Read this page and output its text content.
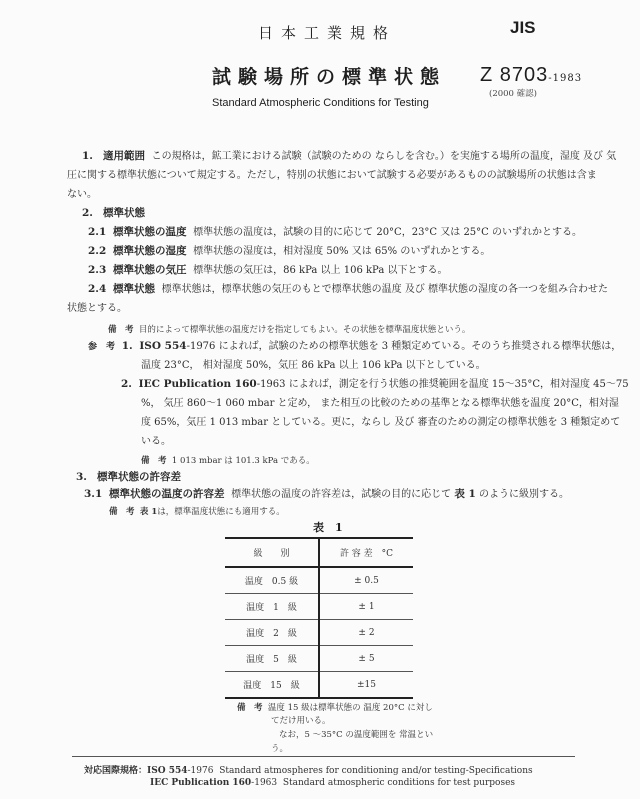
日本工業規格	JIS
試験場所の標準状態 Z 8703-1983
(2000 確認)
Standard Atmospheric Conditions for Testing
1. 適用範囲 この規格は，鉱工業における試験（試験のための ならしを含む。）を実施する場所の温度，湿度 及び 気
圧に関する標準状態について規定する。ただし，特別の状態において試験する必要があるものの試験場所の状態は含ま
ない。
2. 標準状態
2.1 標準状態の温度 標準状態の温度は，試験の目的に応じて 20°C，23°C 又は 25°C のいずれかとする。
2.2 標準状態の湿度 標準状態の湿度は，相対湿度 50% 又は 65% のいずれかとする。
2.3 標準状態の気圧 標準状態の気圧は，86 kPa 以上 106 kPa 以下とする。
2.4 標準状態 標準状態は，標準状態の気圧のもとで標準状態の温度 及び 標準状態の湿度の各一つを組み合わせた
状態とする。
備　考 目的によって標準状態の温度だけを指定してもよい。その状態を標準温度状態という。
参　考 1. ISO 554-1976 によれば，試験のための標準状態を 3 種類定めている。そのうち推奨される標準状態は，
温度 23°C， 相対湿度 50%，気圧 86 kPa 以上 106 kPa 以下としている。
2. IEC Publication 160-1963 によれば，測定を行う状態の推奨範囲を温度 15～35°C，相対湿度 45～75
%， 気圧 860～1 060 mbar と定め， また相互の比較のための基準となる標準状態を温度 20°C，相対湿
度 65%，気圧 1 013 mbar としている。更に，ならし 及び 審査のための測定の標準状態を 3 種類定めて
いる。
備　考 1 013 mbar は 101.3 kPa である。
3. 標準状態の許容差
3.1 標準状態の温度の許容差 標準状態の温度の許容差は，試験の目的に応じて 表 1 のように級別する。
備　考 表 1は，標準温度状態にも適用する。
表　1
級　　別	許 容 差　°C
温度　0.5 級	± 0.5
温度　1　級	± 1
温度　2　級	± 2
温度　5　級	± 5
温度　15　級	±15
備　考 温度 15 級は標準状態の 温度 20°C に対し
てだけ用いる。
なお，5 ～35°C の温度範囲を 常温とい
う。
対応国際規格：ISO 554-1976 Standard atmospheres for conditioning and/or testing-Specifications
IEC Publication 160-1963 Standard atmospheric conditions for test purposes
